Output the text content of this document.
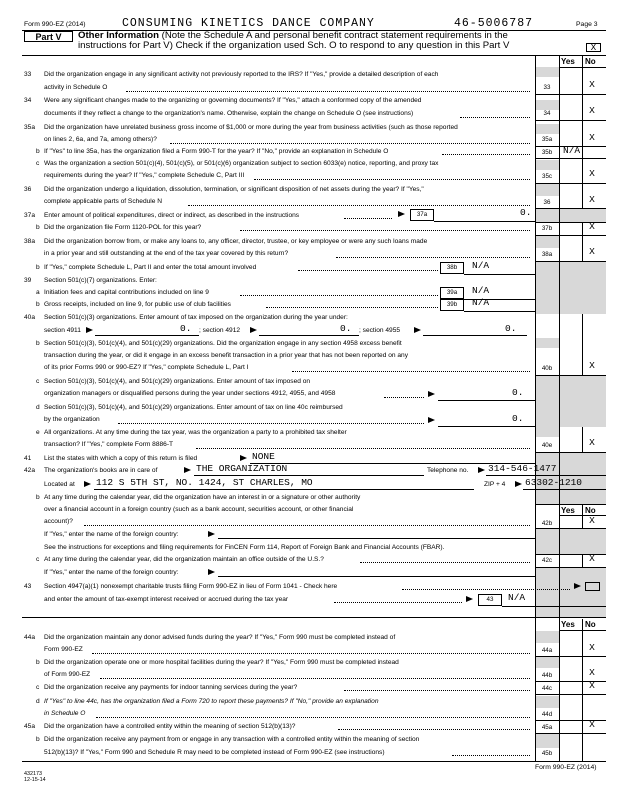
Form 990-EZ (2014)	CONSUMING KINETICS DANCE COMPANY	46-5006787	Page 3
Part V	Other Information (Note the Schedule A and personal benefit contract statement requirements in the
instructions for Part V) Check if the organization used Sch. O to respond to any question in this Part V	X
Yes No
33 Did the organization engage in any significant activity not previously reported to the IRS? If "Yes," provide a detailed description of each
activity in Schedule O	33	X
34 Were any significant changes made to the organizing or governing documents? If "Yes," attach a conformed copy of the amended
documents if they reflect a change to the organization's name. Otherwise, explain the change on Schedule O (see instructions)	34	X
35a Did the organization have unrelated business gross income of $1,000 or more during the year from business activities (such as those reported
on lines 2, 6a, and 7a, among others)?	35a	X
b If "Yes" to line 35a, has the organization filed a Form 990-T for the year? If "No," provide an explanation in Schedule O	35b	N/A
c Was the organization a section 501(c)(4), 501(c)(5), or 501(c)(6) organization subject to section 6033(e) notice, reporting, and proxy tax
requirements during the year? If "Yes," complete Schedule C, Part III	35c	X
36 Did the organization undergo a liquidation, dissolution, termination, or significant disposition of net assets during the year? If "Yes,"
complete applicable parts of Schedule N	36	X
37a Enter amount of political expenditures, direct or indirect, as described in the instructions	37a	0.
b Did the organization file Form 1120-POL for this year?	37b	X
38a Did the organization borrow from, or make any loans to, any officer, director, trustee, or key employee or were any such loans made
in a prior year and still outstanding at the end of the tax year covered by this return?	38a	X
b If "Yes," complete Schedule L, Part II and enter the total amount involved	38b	N/A
39 Section 501(c)(7) organizations. Enter:
a Initiation fees and capital contributions included on line 9	39a	N/A
b Gross receipts, included on line 9, for public use of club facilities	39b	N/A
40a Section 501(c)(3) organizations. Enter amount of tax imposed on the organization during the year under:
section 4911	0. ; section 4912	0. ; section 4955	0.
b Section 501(c)(3), 501(c)(4), and 501(c)(29) organizations. Did the organization engage in any section 4958 excess benefit
transaction during the year, or did it engage in an excess benefit transaction in a prior year that has not been reported on any
of its prior Forms 990 or 990-EZ? If "Yes," complete Schedule L, Part I	40b	X
c Section 501(c)(3), 501(c)(4), and 501(c)(29) organizations. Enter amount of tax imposed on
organization managers or disqualified persons during the year under sections 4912, 4955, and 4958	0.
d Section 501(c)(3), 501(c)(4), and 501(c)(29) organizations. Enter amount of tax on line 40c reimbursed
by the organization	0.
e All organizations. At any time during the tax year, was the organization a party to a prohibited tax shelter
transaction? If "Yes," complete Form 8886-T	40e	X
41 List the states with which a copy of this return is filed	NONE
42a The organization's books are in care of	THE ORGANIZATION	Telephone no. 314-546-1477
Located at 112 S 5TH ST, NO. 1424, ST CHARLES, MO	ZIP + 4 63302-1210
b At any time during the calendar year, did the organization have an interest in or a signature or other authority
over a financial account in a foreign country (such as a bank account, securities account, or other financial
account)?
Yes No
42b	X
If "Yes," enter the name of the foreign country:
See the instructions for exceptions and filing requirements for FinCEN Form 114, Report of Foreign Bank and Financial Accounts (FBAR).
c At any time during the calendar year, did the organization maintain an office outside of the U.S.?	42c	X
If "Yes," enter the name of the foreign country:
43 Section 4947(a)(1) nonexempt charitable trusts filing Form 990-EZ in lieu of Form 1041 - Check here
and enter the amount of tax-exempt interest received or accrued during the tax year	43	N/A
Yes No
44a Did the organization maintain any donor advised funds during the year? If "Yes," Form 990 must be completed instead of
Form 990-EZ	44a	X
b Did the organization operate one or more hospital facilities during the year? If "Yes," Form 990 must be completed instead
of Form 990-EZ	44b	X
c Did the organization receive any payments for indoor tanning services during the year?	44c	X
d If "Yes" to line 44c, has the organization filed a Form 720 to report these payments? If "No," provide an explanation
in Schedule O	44d
45a Did the organization have a controlled entity within the meaning of section 512(b)(13)?	45a	X
b Did the organization receive any payment from or engage in any transaction with a controlled entity within the meaning of section
512(b)(13)? If "Yes," Form 990 and Schedule R may need to be completed instead of Form 990-EZ (see instructions)	45b
432173
12-15-14
Form 990-EZ (2014)
